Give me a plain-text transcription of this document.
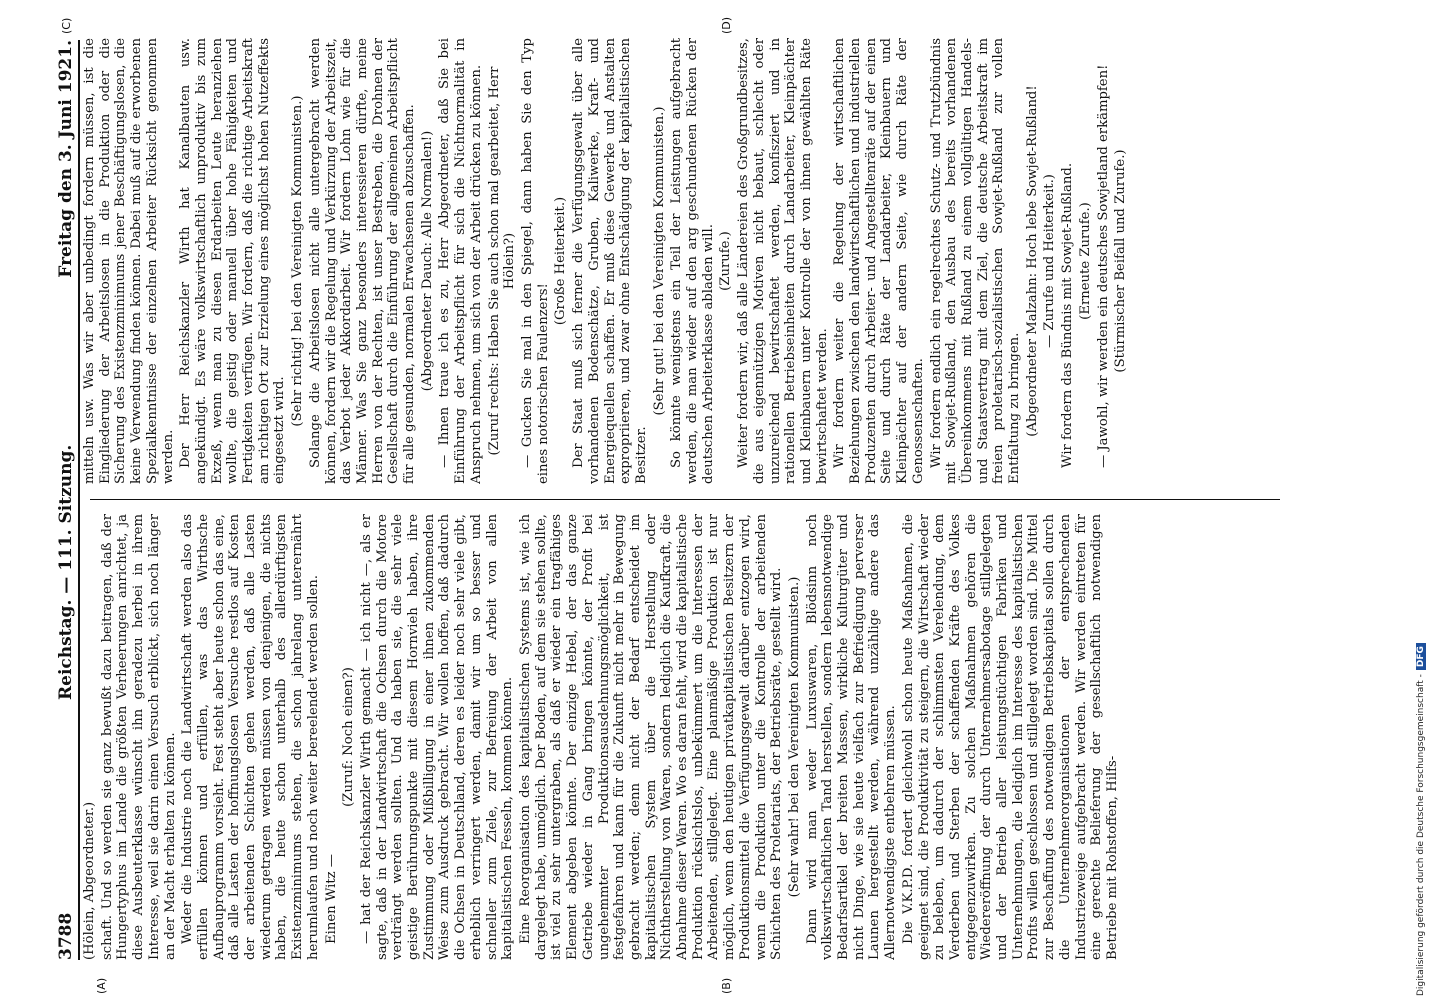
3788
Reichstag. — 111. Sitzung.
Freitag den 3. Juni 1921.
(A)	(B)
(C)	(D)

(Hölein, Abgeordneter.) schaft. Und so werden sie ganz bewußt dazu beitragen, daß der Hungertyphus im Lande die größten Verheerungen anrichtet, ja diese Ausbeuterklasse wünscht ihn geradezu herbei in ihrem Interesse, weil sie darin einen Versuch erblickt, sich noch länger an der Macht erhalten zu können. Weder die Industrie noch die Landwirtschaft werden also das erfüllen können und erfüllen, was das Wirthsche Aufbauprogramm vorsieht. Fest steht aber heute schon das eine, daß alle Lasten der hoffnungslosen Versuche restlos auf Kosten der arbeitenden Schichten gehen werden, daß alle Lasten wiederum getragen werden müssen von denjenigen, die nichts haben, die heute schon unterhalb des allerdürftigsten Existenzminimums stehen, die schon jahrelang unterernährt herumlaufen und noch weiter bereelendet werden sollen. Einen Witz —

(Zuruf: Noch einen?) — hat der Reichskanzler Wirth gemacht — ich nicht —, als er sagte, daß in der Landwirtschaft die Ochsen durch die Motore verdrängt werden sollten. Und da haben sie, die sehr viele geistige Berührungspunkte mit diesem Hornvieh haben, ihre Zustimmung oder Mißbilligung in einer ihnen zukommenden Weise zum Ausdruck gebracht. Wir wollen hoffen, daß dadurch die Ochsen in Deutschland, deren es leider noch sehr viele gibt, erheblich verringert werden, damit wir um so besser und schneller zum Ziele, zur Befreiung der Arbeit von allen kapitalistischen Fesseln, kommen können. Eine Reorganisation des kapitalistischen Systems ist, wie ich dargelegt habe, unmöglich. Der Boden, auf dem sie stehen sollte, ist viel zu sehr untergraben, als daß er wieder ein tragfähiges Element abgeben könnte. Der einzige Hebel, der das ganze Getriebe wieder in Gang bringen könnte, der Profit bei ungehemmter Produktionsausdehnungsmöglichkeit, ist festgefahren und kann für die Zukunft nicht mehr in Bewegung gebracht werden; denn nicht der Bedarf entscheidet im kapitalistischen System über die Herstellung oder Nichtherstellung von Waren, sondern lediglich die Kaufkraft, die Abnahme dieser Waren. Wo es daran fehlt, wird die kapitalistische Produktion rücksichtslos, unbekümmert um die Interessen der Arbeitenden, stillgelegt. Eine planmäßige Produktion ist nur möglich, wenn den heutigen privatkapitalistischen Besitzern der Produktionsmittel die Verfügungsgewalt darüber entzogen wird, wenn die Produktion unter die Kontrolle der arbeitenden Schichten des Proletariats, der Betriebsräte, gestellt wird. (Sehr wahr! bei den Vereinigten Kommunisten.) Dann wird man weder Luxuswaren, Blödsinn noch volkswirtschaftlichen Tand herstellen, sondern lebensnotwendige Bedarfsartikel der breiten Massen, wirkliche Kulturgüter und nicht Dinge, wie sie heute vielfach zur Befriedigung perverser Launen hergestellt werden, während unzählige andere das Allernotwendigste entbehren müssen. Die V.K.P.D. fordert gleichwohl schon heute Maßnahmen, die geeignet sind, die Produktivität zu steigern, die Wirtschaft wieder zu beleben, um dadurch der schlimmsten Verelendung, dem Verderben und Sterben der schaffenden Kräfte des Volkes entgegenzuwirken. Zu solchen Maßnahmen gehören die Wiedereröffnung der durch Unternehmersabotage stillgelegten und der Betrieb aller leistungstüchtigen Fabriken und Unternehmungen, die lediglich im Interesse des kapitalistischen Profits willen geschlossen und stillgelegt worden sind. Die Mittel zur Beschaffung des notwendigen Betriebskapitals sollen durch die Unternehmerorganisationen der entsprechenden Industriezweige aufgebracht werden. Wir werden eintreten für eine gerechte Belieferung der gesellschaftlich notwendigen Betriebe mit Rohstoffen, Hilfs-

mitteln usw. Was wir aber unbedingt fordern müssen, ist die Eingliederung der Arbeitslosen in die Produktion oder die Sicherung des Existenzminimums jener Beschäftigungslosen, die keine Verwendung finden können. Dabei muß auf die erworbenen Spezialkenntnisse der einzelnen Arbeiter Rücksicht genommen werden. Der Herr Reichskanzler Wirth hat Kanalbauten usw. angekündigt. Es wäre volkswirtschaftlich unproduktiv bis zum Exzeß, wenn man zu diesen Erdarbeiten Leute heranziehen wollte, die geistig oder manuell über hohe Fähigkeiten und Fertigkeiten verfügen. Wir fordern, daß die richtige Arbeitskraft am richtigen Ort zur Erzielung eines möglichst hohen Nutzeffekts eingesetzt wird.

(Sehr richtig! bei den Vereinigten Kommunisten.) Solange die Arbeitslosen nicht alle untergebracht werden können, fordern wir die Regelung und Verkürzung der Arbeitszeit, das Verbot jeder Akkordarbeit. Wir fordern Lohn wie für die Männer. Was Sie ganz besonders interessieren dürfte, meine Herren von der Rechten, ist unser Bestreben, die Drohnen der Gesellschaft durch die Einführung der allgemeinen Arbeitspflicht für alle gesunden, normalen Erwachsenen abzuschaffen. (Abgeordneter Dauch: Alle Normalen!) — Ihnen traue ich es zu, Herr Abgeordneter, daß Sie bei Einführung der Arbeitspflicht für sich die Nichtnormalität in Anspruch nehmen, um sich von der Arbeit drücken zu können. (Zuruf rechts: Haben Sie auch schon mal gearbeitet, Herr Hölein?) — Gucken Sie mal in den Spiegel, dann haben Sie den Typ eines notorischen Faulenzers!

(Große Heiterkeit.) Der Staat muß sich ferner die Verfügungsgewalt über alle vorhandenen Bodenschätze, Gruben, Kaliwerke, Kraft- und Energiequellen schaffen. Er muß diese Gewerke und Anstalten expropriieren, und zwar ohne Entschädigung der kapitalistischen Besitzer.

(Sehr gut! bei den Vereinigten Kommunisten.) So könnte wenigstens ein Teil der Leistungen aufgebracht werden, die man wieder auf den arg geschundenen Rücken der deutschen Arbeiterklasse abladen will. (Zurufe.) Weiter fordern wir, daß alle Ländereien des Großgrundbesitzes, die aus eigennützigen Motiven nicht bebaut, schlecht oder unzureichend bewirtschaftet werden, konfisziert und in rationellen Betriebseinheiten durch Landarbeiter, Kleinpächter und Kleinbauern unter Kontrolle der von ihnen gewählten Räte bewirtschaftet werden. Wir fordern weiter die Regelung der wirtschaftlichen Beziehungen zwischen den landwirtschaftlichen und industriellen Produzenten durch Arbeiter- und Angestelltenräte auf der einen Seite und durch Räte der Landarbeiter, Kleinbauern und Kleinpächter auf der andern Seite, wie durch Räte der Genossenschaften. Wir fordern endlich ein regelrechtes Schutz- und Trutzbündnis mit Sowjet-Rußland, den Ausbau des bereits vorhandenen Übereinkommens mit Rußland zu einem vollgültigen Handels- und Staatsvertrag mit dem Ziel, die deutsche Arbeitskraft im freien proletarisch-sozialistischen Sowjet-Rußland zur vollen Entfaltung zu bringen. (Abgeordneter Malzahn: Hoch lebe Sowjet-Rußland! — Zurufe und Heiterkeit.) Wir fordern das Bündnis mit Sowjet-Rußland. (Erneute Zurufe.) — Jawohl, wir werden ein deutsches Sowjetland erkämpfen! (Stürmischer Beifall und Zurufe.)

Digitalisierung gefördert durch die Deutsche Forschungsgemeinschaft -DFG
